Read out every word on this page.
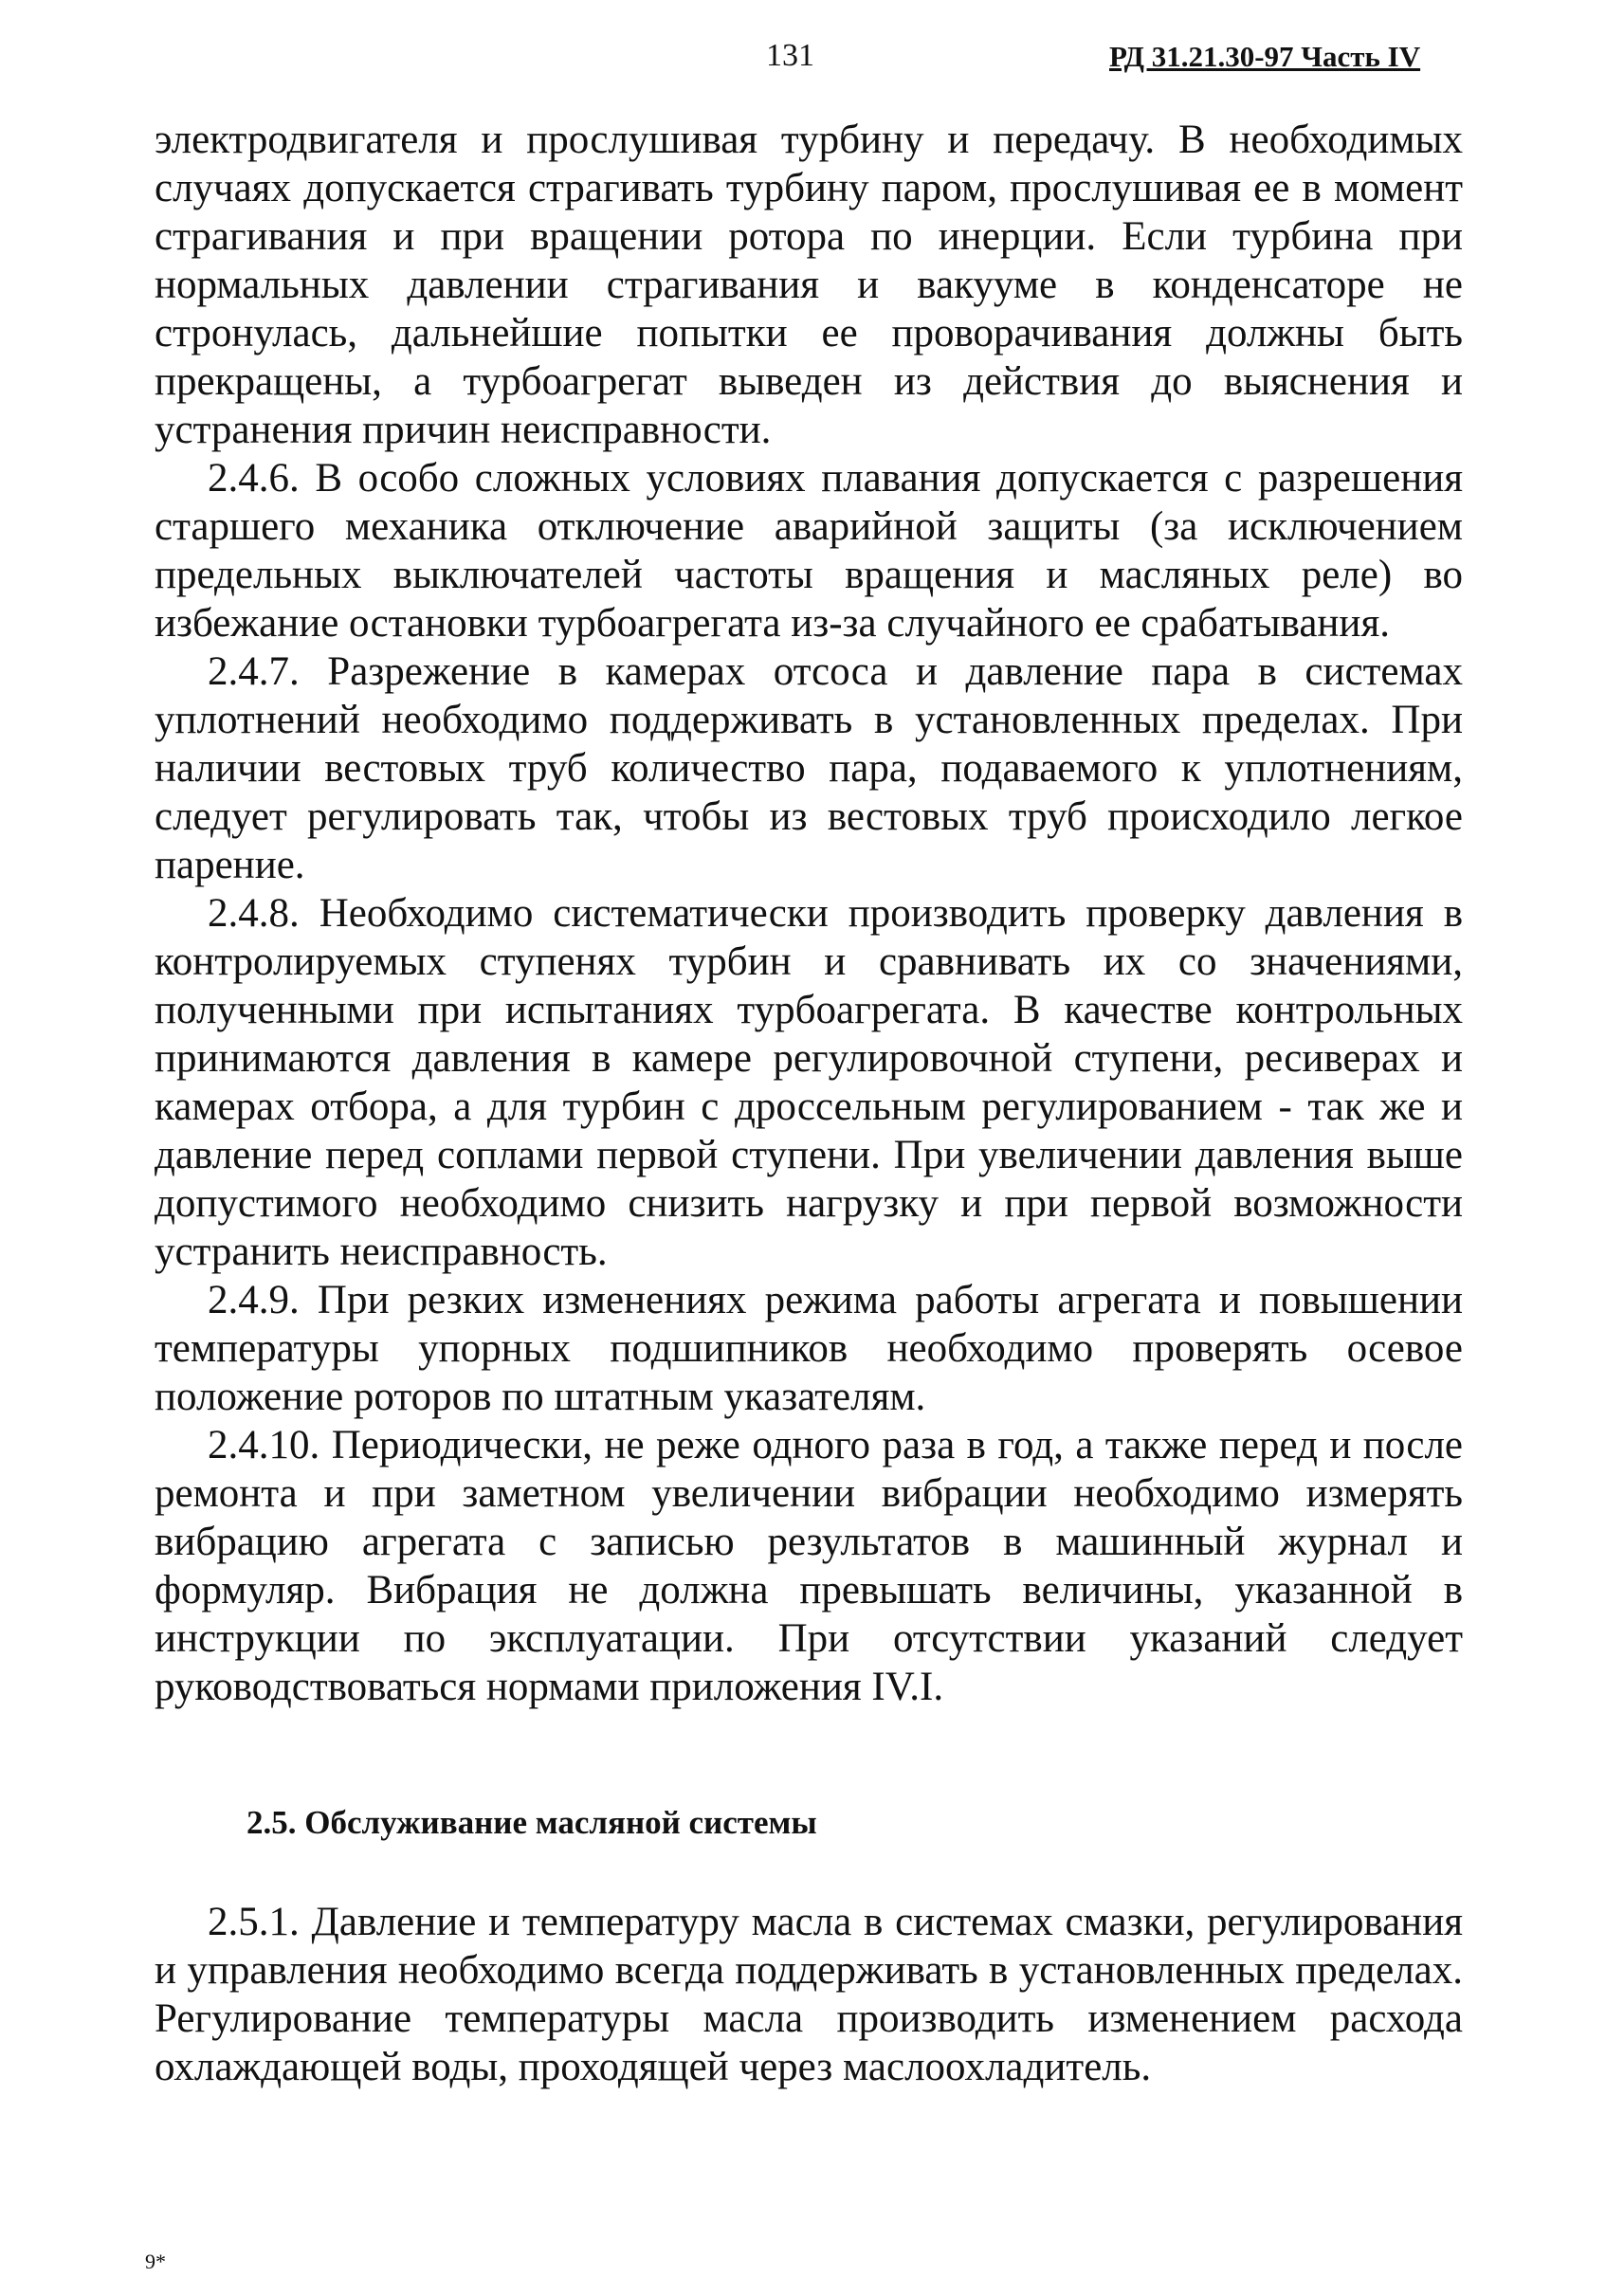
131	РД 31.21.30-97 Часть IV

электродвигателя и прослушивая турбину и передачу. В необходимых случаях допускается страгивать турбину паром, прослушивая ее в момент страгивания и при вращении ротора по инерции. Если турбина при нормальных давлении страгивания и вакууме в конденсаторе не стронулась, дальнейшие попытки ее проворачивания должны быть прекращены, а турбоагрегат выведен из действия до выяснения и устранения причин неисправности.

2.4.6. В особо сложных условиях плавания допускается с разрешения старшего механика отключение аварийной защиты (за исключением предельных выключателей частоты вращения и масляных реле) во избежание остановки турбоагрегата из-за случайного ее срабатывания.

2.4.7. Разрежение в камерах отсоса и давление пара в системах уплотнений необходимо поддерживать в установленных пределах. При наличии вестовых труб количество пара, подаваемого к уплотнениям, следует регулировать так, чтобы из вестовых труб происходило легкое парение.

2.4.8. Необходимо систематически производить проверку давления в контролируемых ступенях турбин и сравнивать их со значениями, полученными при испытаниях турбоагрегата. В качестве контрольных принимаются давления в камере регулировочной ступени, ресиверах и камерах отбора, а для турбин с дроссельным регулированием - так же и давление перед соплами первой ступени. При увеличении давления выше допустимого необходимо снизить нагрузку и при первой возможности устранить неисправность.

2.4.9. При резких изменениях режима работы агрегата и повышении температуры упорных подшипников необходимо проверять осевое положение роторов по штатным указателям.

2.4.10. Периодически, не реже одного раза в год, а также перед и после ремонта и при заметном увеличении вибрации необходимо измерять вибрацию агрегата с записью результатов в машинный журнал и формуляр. Вибрация не должна превышать величины, указанной в инструкции по эксплуатации. При отсутствии указаний следует руководствоваться нормами приложения IV.I.

2.5. Обслуживание масляной системы

2.5.1. Давление и температуру масла в системах смазки, регулирования и управления необходимо всегда поддерживать в установленных пределах. Регулирование температуры масла производить изменением расхода охлаждающей воды, проходящей через маслоохладитель.

9*
